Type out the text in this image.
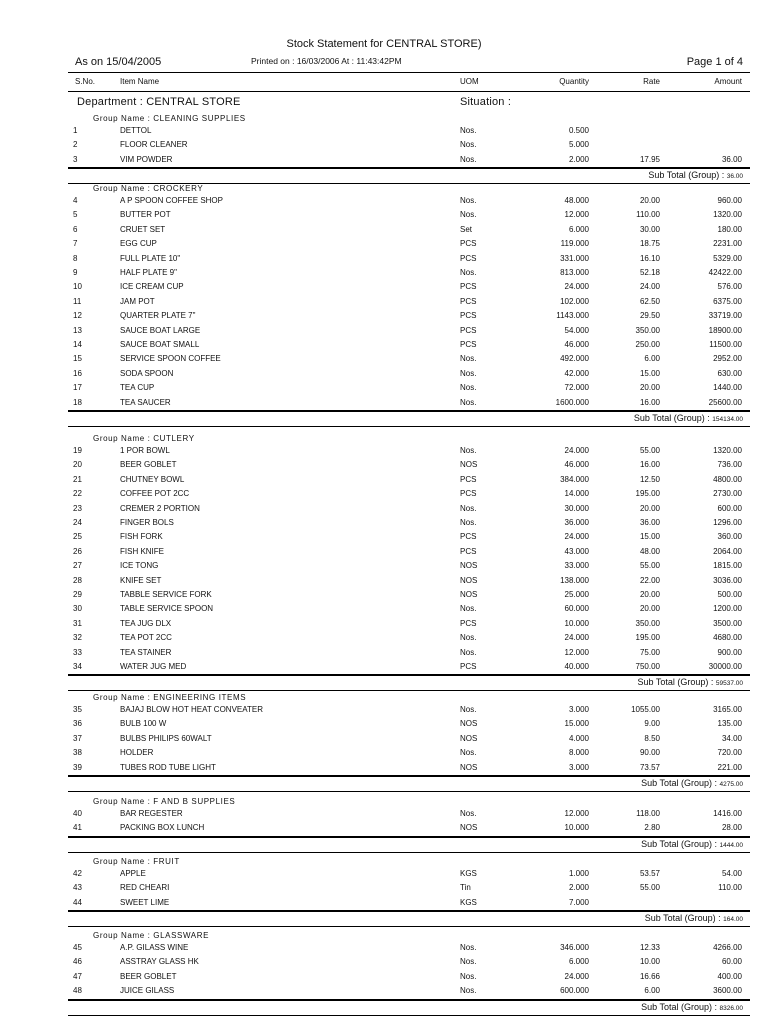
Stock Statement for CENTRAL STORE)
As on 15/04/2005	Printed on : 16/03/2006 At : 11:43:42PM	Page 1 of 4
S.No.	Item Name	UOM	Quantity	Rate	Amount
Department : CENTRAL STORE	Situation :
Group Name : CLEANING SUPPLIES
1	DETTOL	Nos.	0.500
2	FLOOR CLEANER	Nos.	5.000
3	VIM POWDER	Nos.	2.000	17.95	36.00
Sub Total (Group) : 36.00
Group Name : CROCKERY
4	A P SPOON COFFEE SHOP	Nos.	48.000	20.00	960.00
5	BUTTER POT	Nos.	12.000	110.00	1320.00
6	CRUET SET	Set	6.000	30.00	180.00
7	EGG CUP	PCS	119.000	18.75	2231.00
8	FULL PLATE 10"	PCS	331.000	16.10	5329.00
9	HALF PLATE 9"	Nos.	813.000	52.18	42422.00
10	ICE CREAM CUP	PCS	24.000	24.00	576.00
11	JAM POT	PCS	102.000	62.50	6375.00
12	QUARTER PLATE 7"	PCS	1143.000	29.50	33719.00
13	SAUCE BOAT LARGE	PCS	54.000	350.00	18900.00
14	SAUCE BOAT SMALL	PCS	46.000	250.00	11500.00
15	SERVICE SPOON COFFEE	Nos.	492.000	6.00	2952.00
16	SODA SPOON	Nos.	42.000	15.00	630.00
17	TEA CUP	Nos.	72.000	20.00	1440.00
18	TEA SAUCER	Nos.	1600.000	16.00	25600.00
Sub Total (Group) : 154134.00
Group Name : CUTLERY
19	1 POR BOWL	Nos.	24.000	55.00	1320.00
20	BEER GOBLET	NOS	46.000	16.00	736.00
21	CHUTNEY BOWL	PCS	384.000	12.50	4800.00
22	COFFEE POT 2CC	PCS	14.000	195.00	2730.00
23	CREMER 2 PORTION	Nos.	30.000	20.00	600.00
24	FINGER BOLS	Nos.	36.000	36.00	1296.00
25	FISH FORK	PCS	24.000	15.00	360.00
26	FISH KNIFE	PCS	43.000	48.00	2064.00
27	ICE TONG	NOS	33.000	55.00	1815.00
28	KNIFE SET	NOS	138.000	22.00	3036.00
29	TABBLE SERVICE FORK	NOS	25.000	20.00	500.00
30	TABLE SERVICE SPOON	Nos.	60.000	20.00	1200.00
31	TEA JUG DLX	PCS	10.000	350.00	3500.00
32	TEA POT 2CC	Nos.	24.000	195.00	4680.00
33	TEA STAINER	Nos.	12.000	75.00	900.00
34	WATER JUG MED	PCS	40.000	750.00	30000.00
Sub Total (Group) : 59537.00
Group Name : ENGINEERING ITEMS
35	BAJAJ BLOW HOT HEAT CONVEATER	Nos.	3.000	1055.00	3165.00
36	BULB 100 W	NOS	15.000	9.00	135.00
37	BULBS PHILIPS 60WALT	NOS	4.000	8.50	34.00
38	HOLDER	Nos.	8.000	90.00	720.00
39	TUBES ROD TUBE LIGHT	NOS	3.000	73.57	221.00
Sub Total (Group) : 4275.00
Group Name : F AND B SUPPLIES
40	BAR REGESTER	Nos.	12.000	118.00	1416.00
41	PACKING BOX LUNCH	NOS	10.000	2.80	28.00
Sub Total (Group) : 1444.00
Group Name : FRUIT
42	APPLE	KGS	1.000	53.57	54.00
43	RED CHEARI	Tin	2.000	55.00	110.00
44	SWEET LIME	KGS	7.000
Sub Total (Group) : 164.00
Group Name : GLASSWARE
45	A.P. GILASS WINE	Nos.	346.000	12.33	4266.00
46	ASSTRAY GLASS HK	Nos.	6.000	10.00	60.00
47	BEER GOBLET	Nos.	24.000	16.66	400.00
48	JUICE GILASS	Nos.	600.000	6.00	3600.00
Sub Total (Group) : 8326.00
